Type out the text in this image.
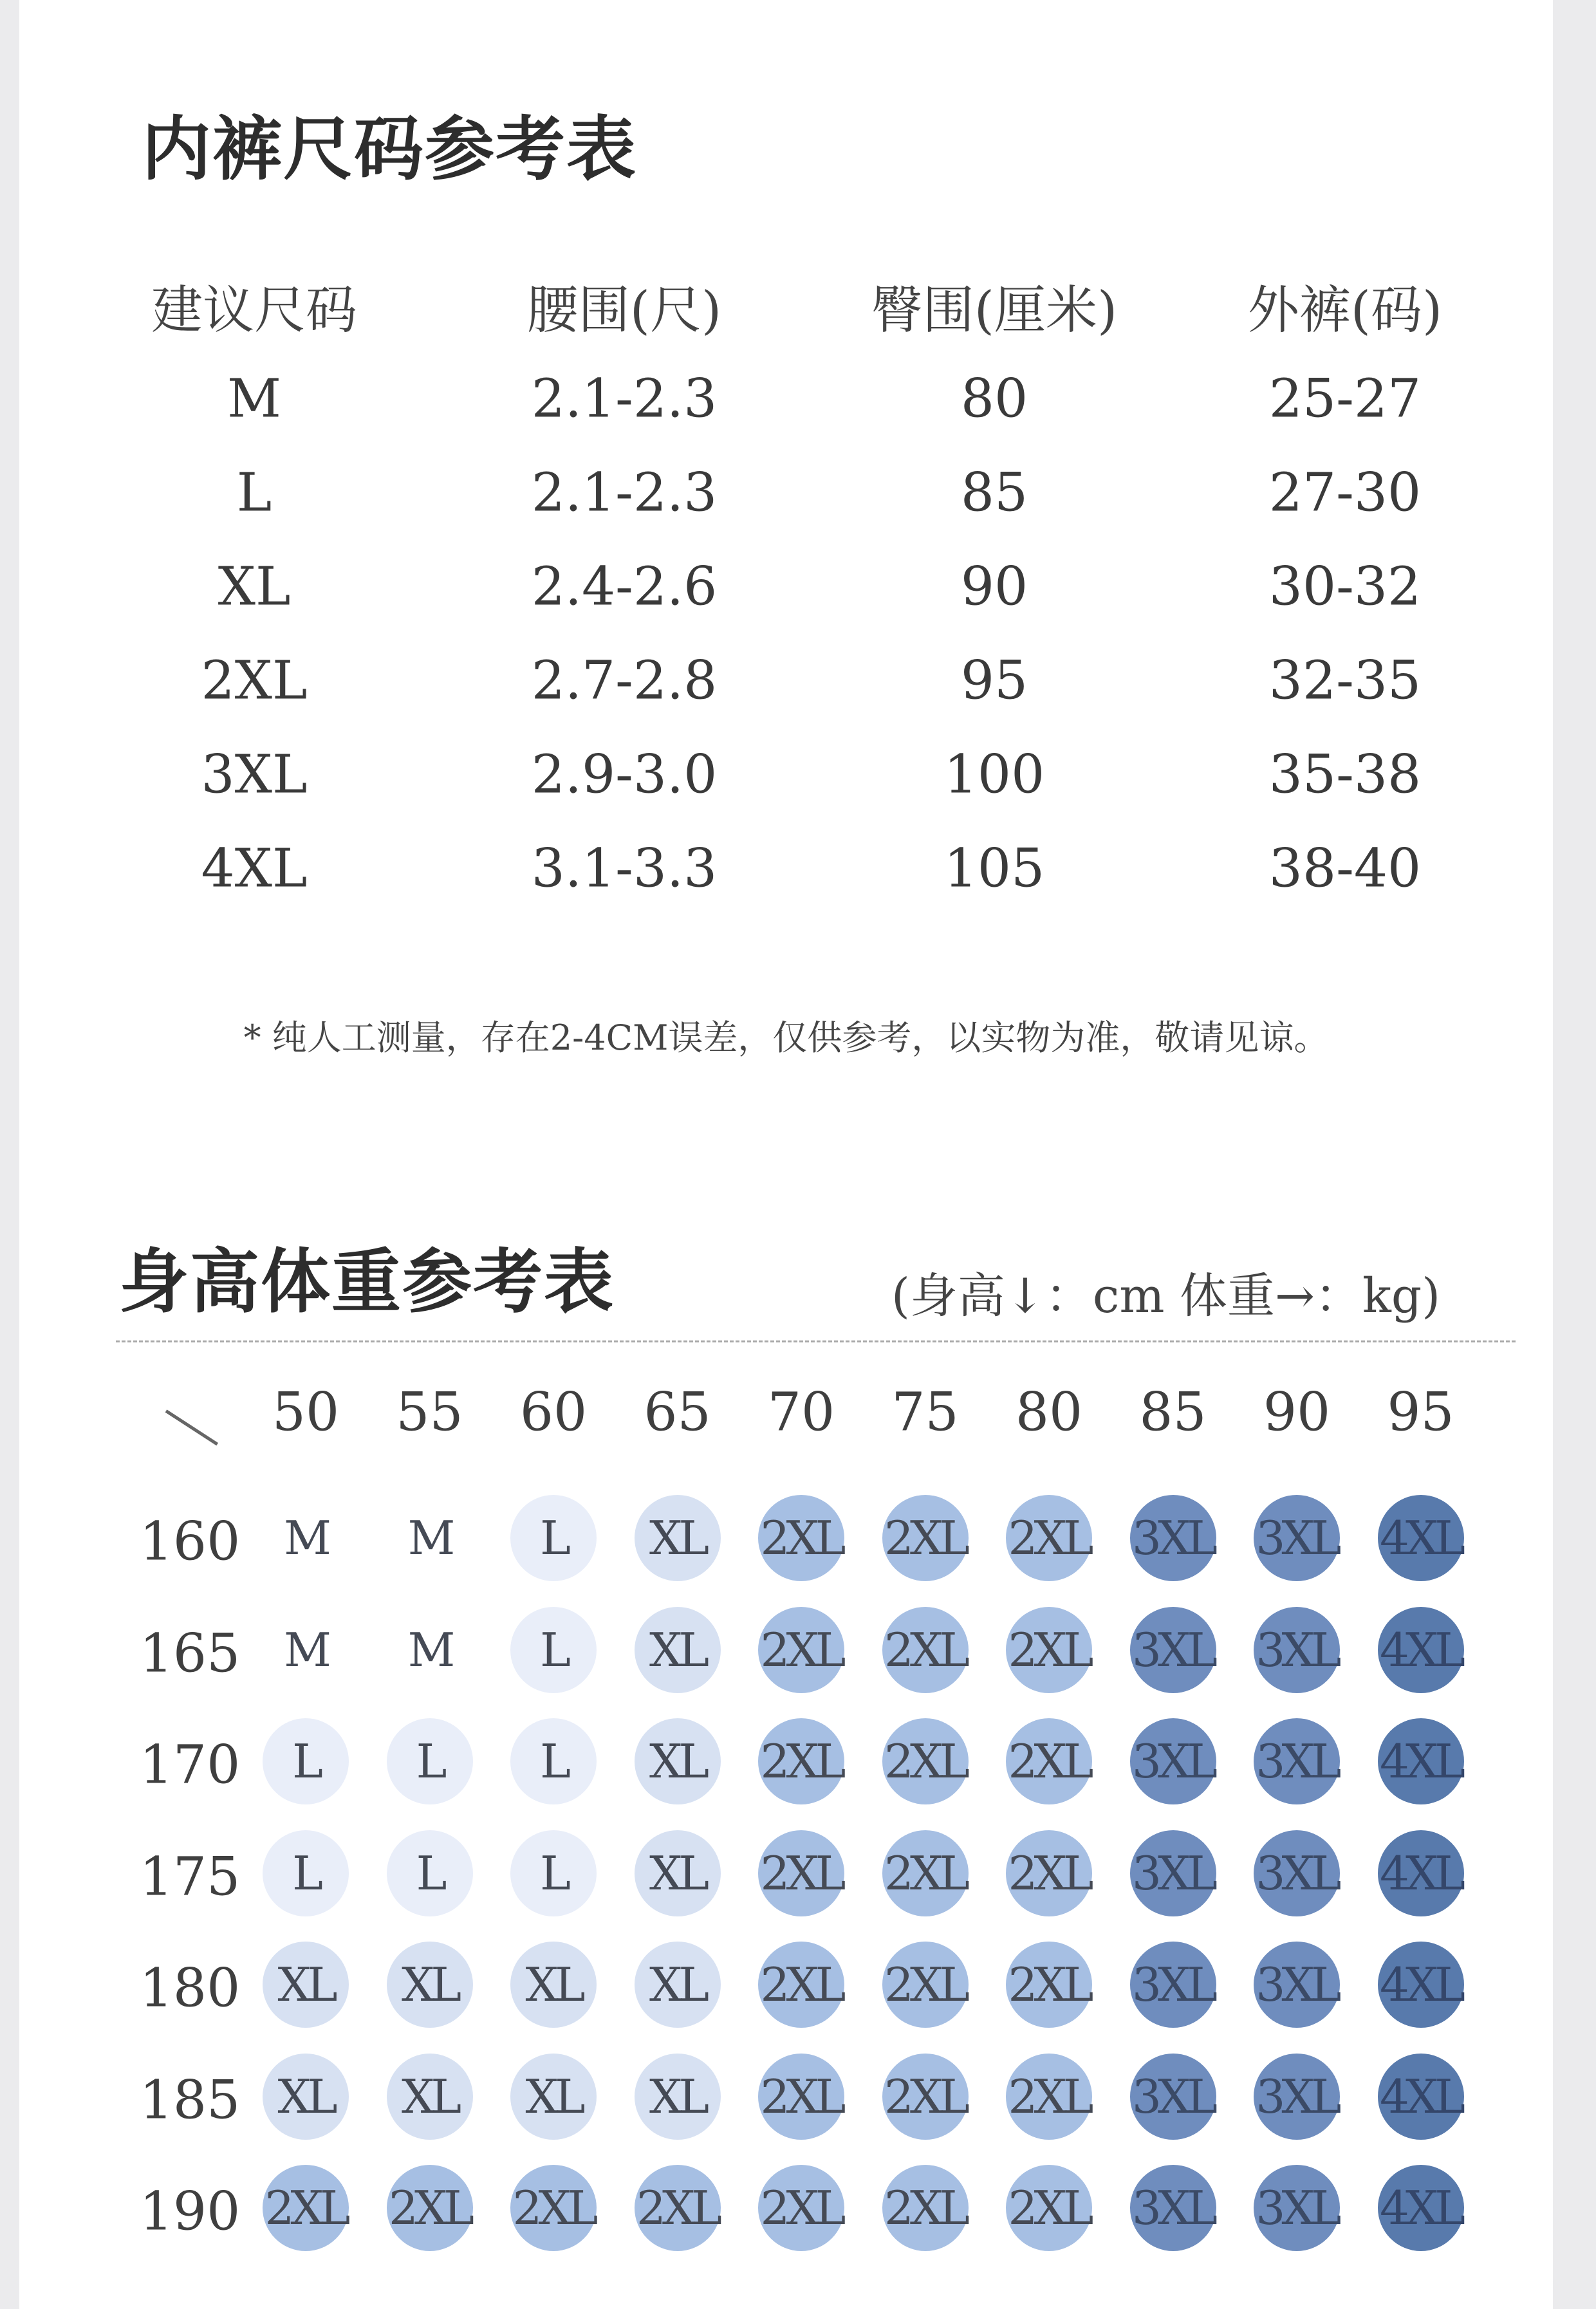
内裤尺码参考表
建议尺码	腰围(尺)	臀围(厘米)	外裤(码)
M	2.1-2.3	80	25-27
L	2.1-2.3	85	27-30
XL	2.4-2.6	90	30-32
2XL	2.7-2.8	95	32-35
3XL	2.9-3.0	100	35-38
4XL	3.1-3.3	105	38-40
* 纯人工测量，存在2-4CM误差，仅供参考，以实物为准，敬请见谅。
身高体重参考表	(身高↓：cm 体重→：kg)
50 55 60 65 70 75 80 85 90 95
160 M	M	L	XL	2XL 2XL 2XL 3XL 3XL 4XL
165 M	M	L	XL	2XL 2XL 2XL 3XL 3XL 4XL
170	L	L	L	XL	2XL 2XL 2XL 3XL 3XL 4XL
175	L	L	L	XL	2XL 2XL 2XL 3XL 3XL 4XL
180 XL	XL	XL	XL	2XL 2XL 2XL 3XL 3XL 4XL
185 XL	XL	XL	XL	2XL 2XL 2XL 3XL 3XL 4XL
190 2XL 2XL 2XL 2XL 2XL 2XL 2XL 3XL 3XL 4XL
